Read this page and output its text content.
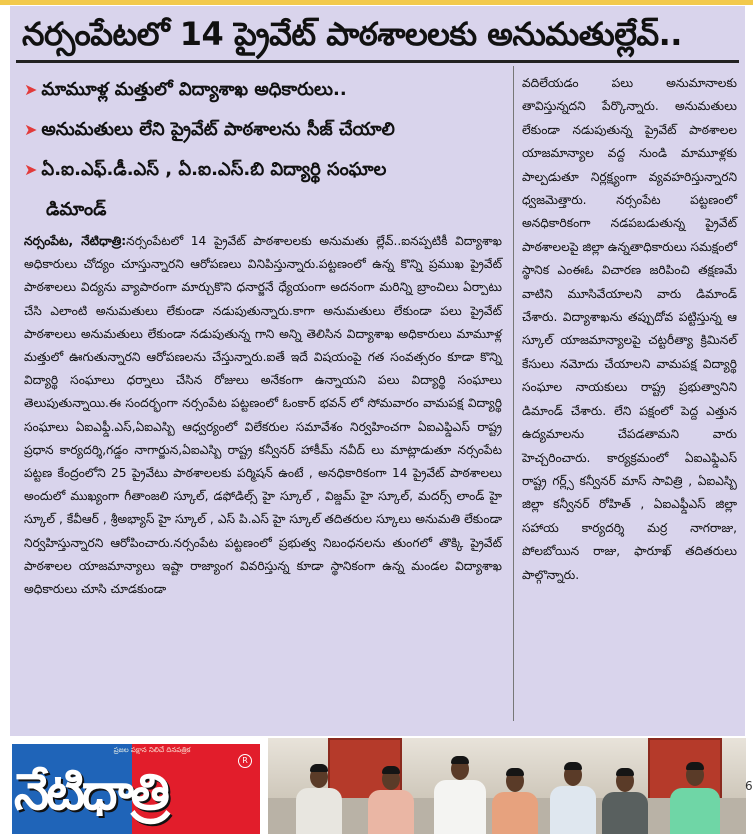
నర్సంపేటలో 14 ప్రైవేట్ పాఠశాలలకు అనుమతుల్లేవ్..
➤ మామూళ్ల మత్తులో విద్యాశాఖ అధికారులు..
➤ అనుమతులు లేని ప్రైవేట్ పాఠశాలను సీజ్ చేయాలి
➤ ఏ.ఐ.ఎఫ్.డీ.ఎస్ , ఏ.ఐ.ఎస్.బి విద్యార్థి సంఘాల
డిమాండ్
నర్సంపేట, నేటిధాత్రి:నర్సంపేటలో 14 ప్రైవేట్ పాఠశాలలకు అనుమతు ల్లేవ్..ఐనప్పటికీ విద్యాశాఖ అధికారులు చోద్యం చూస్తున్నారని ఆరోపణలు వినిపిస్తున్నారు.పట్టణంలో ఉన్న కొన్ని ప్రముఖ ప్రైవేట్ పాఠశాలలు విద్యను వ్యాపారంగా మార్చుకొని ధనార్జనే ధ్యేయంగా అదనంగా మరిన్ని బ్రాంచిలు ఏర్పాటు చేసి ఎలాంటి అనుమతులు లేకుండా నడుపుతున్నారు.కాగా అనుమతులు లేకుండా పలు ప్రైవేట్ పాఠశాలలు అనుమతులు లేకుండా నడుపుతున్న గాని అన్ని తెలిసిన విద్యాశాఖ అధికారులు మామూళ్ల మత్తులో ఊగుతున్నారని ఆరోపణలను చేస్తున్నారు.ఐతే ఇదే విషయంపై గత సంవత్సరం కూడా కొన్ని విద్యార్థి సంఘాలు ధర్నాలు చేసిన రోజులు అనేకంగా ఉన్నాయని పలు విద్యార్థి సంఘాలు తెలుపుతున్నాయి.ఈ సందర్భంగా నర్సంపేట పట్టణంలో ఓంకార్ భవన్ లో సోమవారం వామపక్ష విద్యార్థి సంఘాలు ఏఐఎఫ్డీ.ఎస్,ఏఐఎస్బి ఆధ్వర్యంలో విలేకరుల సమావేశం నిర్వహించగా ఏఐఎఫ్డిఎస్ రాష్ట్ర ప్రధాన కార్యదర్శి,గడ్డం నాగార్జున,ఏఐఎస్బి రాష్ట్ర కన్వీనర్ హాకీమ్ నవీద్ లు మాట్లాడుతూ నర్సంపేట పట్టణ కేంద్రంలోని 25 ప్రైవేటు పాఠశాలలకు పర్మిషన్ ఉంటే , అనధికారికంగా 14 ప్రైవేట్ పాఠశాలలు అందులో ముఖ్యంగా గీతాంజలి స్కూల్, డఫోడిల్స్ హై స్కూల్ , విజ్డమ్ హై స్కూల్, మదర్స్ లాండ్ హై స్కూల్ , కేవీఆర్ , శ్రీఅభ్యాస్ హై స్కూల్ , ఎస్ పి.ఎస్ హై స్కూల్ తదితరుల స్కూలు అనుమతి లేకుండా నిర్వహిస్తున్నారని ఆరోపించారు.నర్సంపేట పట్టణంలో ప్రభుత్వ నిబంధనలను తుంగలో తొక్కి ప్రైవేట్ పాఠశాలల యాజమాన్యాలు ఇష్టా రాజ్యాంగ వివరిస్తున్న కూడా స్థానికంగా ఉన్న మండల విద్యాశాఖ అధికారులు చూసి చూడకుండా
వదిలేయడం పలు అనుమానాలకు తావిస్తున్నదని పేర్కొన్నారు. అనుమతులు లేకుండా నడుపుతున్న ప్రైవేట్ పాఠశాలల యాజమాన్యాల వద్ద నుండి మామూళ్లకు పాల్పడుతూ నిర్లక్ష్యంగా వ్యవహరిస్తున్నారని ధ్వజమెత్తారు. నర్సంపేట పట్టణంలో అనధికారికంగా నడపబడుతున్న ప్రైవేట్ పాఠశాలలపై జిల్లా ఉన్నతాధికారులు సమక్షంలో స్థానిక ఎంఈఓ విచారణ జరిపించి తక్షణమే వాటిని మూసివేయాలని వారు డిమాండ్ చేశారు. విద్యాశాఖను తప్పుదోవ పట్టిస్తున్న ఆ స్కూల్ యాజమాన్యాలపై చట్టరీత్యా క్రిమినల్ కేసులు నమోదు చేయాలని వామపక్ష విద్యార్థి సంఘాల నాయకులు రాష్ట్ర ప్రభుత్వానిని డిమాండ్ చేశారు. లేని పక్షంలో పెద్ద ఎత్తున ఉద్యమాలను చేపడతామని వారు హెచ్చరించారు. కార్యక్రమంలో ఏఐఎఫ్డిఎస్ రాష్ట్ర గర్ల్స్ కన్వీనర్ మాస్ సావిత్రి , ఏఐఎస్బి జిల్లా కన్వీనర్ రోహిత్ , ఏఐఎఫ్డీఎస్ జిల్లా సహాయ కార్యదర్శి మర్ర నాగరాజు, పోలబోయిన రాజు, ఫారూఖ్ తదితరులు పాల్గొన్నారు.
ప్రజల పక్షాన నిలిచే దినపత్రిక
నేటిధాత్రి
R
6
